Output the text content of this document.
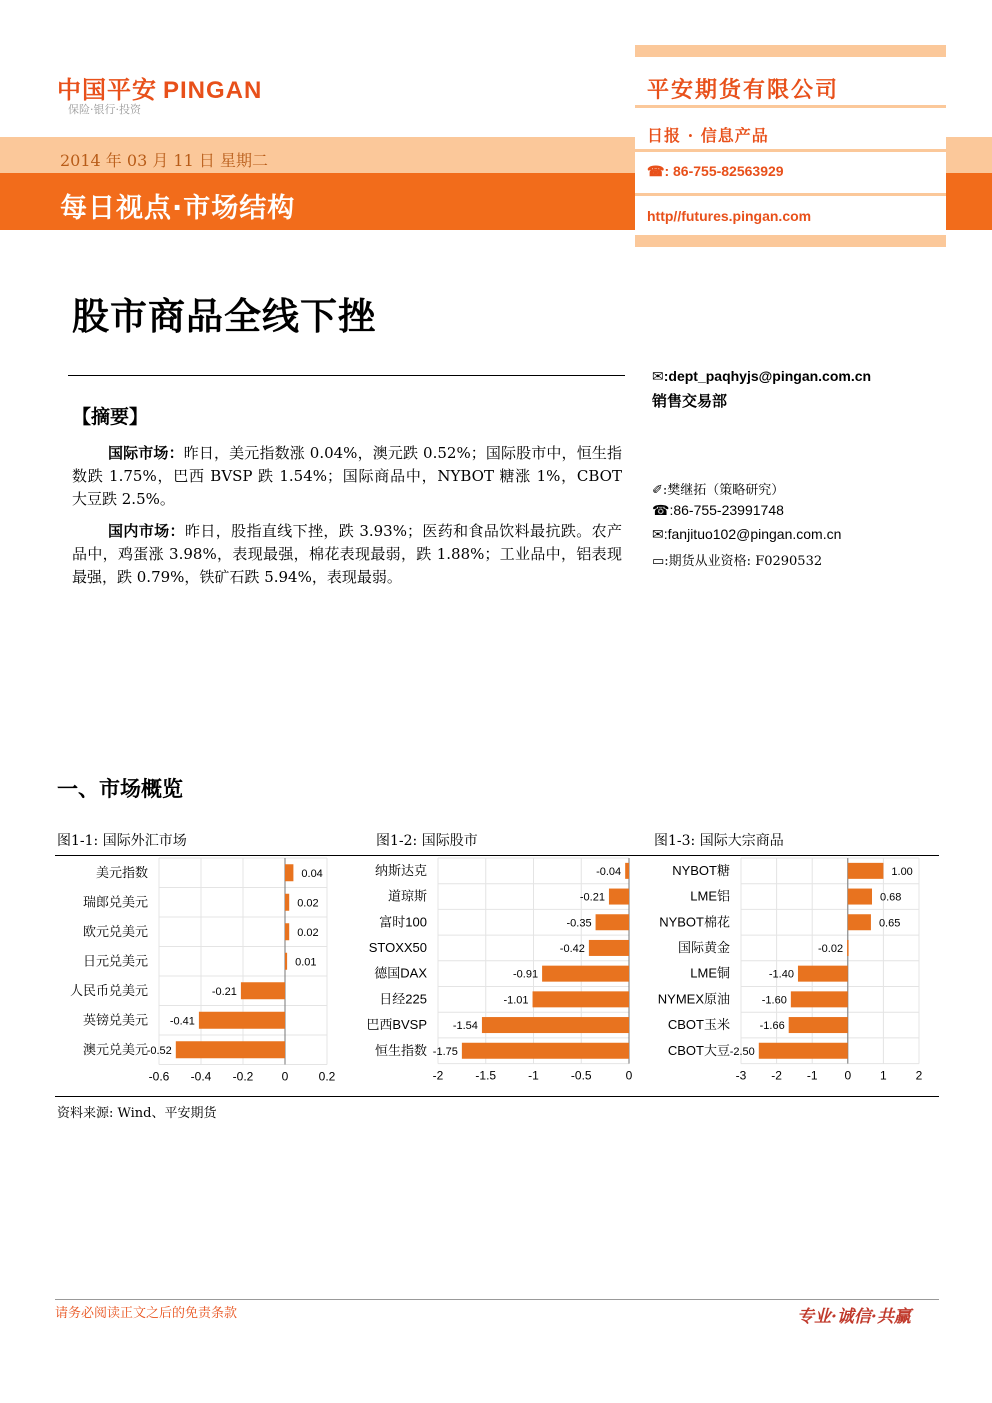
中国平安 PINGAN
保险·银行·投资
2014 年 03 月 11 日 星期二
每日视点·市场结构
平安期货有限公司
日报 · 信息产品
☎: 86-755-82563929
http//futures.pingan.com
股市商品全线下挫
✉:dept_paqhyjs@pingan.com.cn
销售交易部
✐:樊继拓（策略研究）
☎:86-755-23991748
✉:fanjituo102@pingan.com.cn
▭:期货从业资格: F0290532
【摘要】
国际市场：昨日，美元指数涨 0.04%，澳元跌 0.52%；国际股市中，恒生指数跌 1.75%，巴西 BVSP 跌 1.54%；国际商品中，NYBOT 糖涨 1%，CBOT 大豆跌 2.5%。
国内市场：昨日，股指直线下挫，跌 3.93%；医药和食品饮料最抗跌。农产品中，鸡蛋涨 3.98%，表现最强，棉花表现最弱，跌 1.88%；工业品中，铝表现最强，跌 0.79%，铁矿石跌 5.94%，表现最弱。
一、市场概览
图1-1: 国际外汇市场	图1-2: 国际股市	图1-3: 国际大宗商品
美元指数	0.04
瑞郎兑美元	0.02
欧元兑美元	0.02
日元兑美元	0.01
人民币兑美元	-0.21
英镑兑美元 -0.41
澳元兑美元
-0.52
-0.6 -0.4 -0.2 0	0.2
纳斯达克	-0.04
道琼斯	-0.21
富时100	-0.35
STOXX50	-0.42
德国DAX	-0.91
日经225	-1.01
巴西BVSP -1.54
恒生指数 -1.75
-2	-1.5	-1	-0.5	0
NYBOT糖	1.00
LME铝	0.68
NYBOT棉花	0.65
国际黄金	-0.02
LME铜	-1.40
NYMEX原油	-1.60
CBOT玉米	-1.66
CBOT大豆 -2.50
-3 -2 -1 0 1 2
资料来源: Wind、平安期货
请务必阅读正文之后的免责条款	专业·诚信·共赢
